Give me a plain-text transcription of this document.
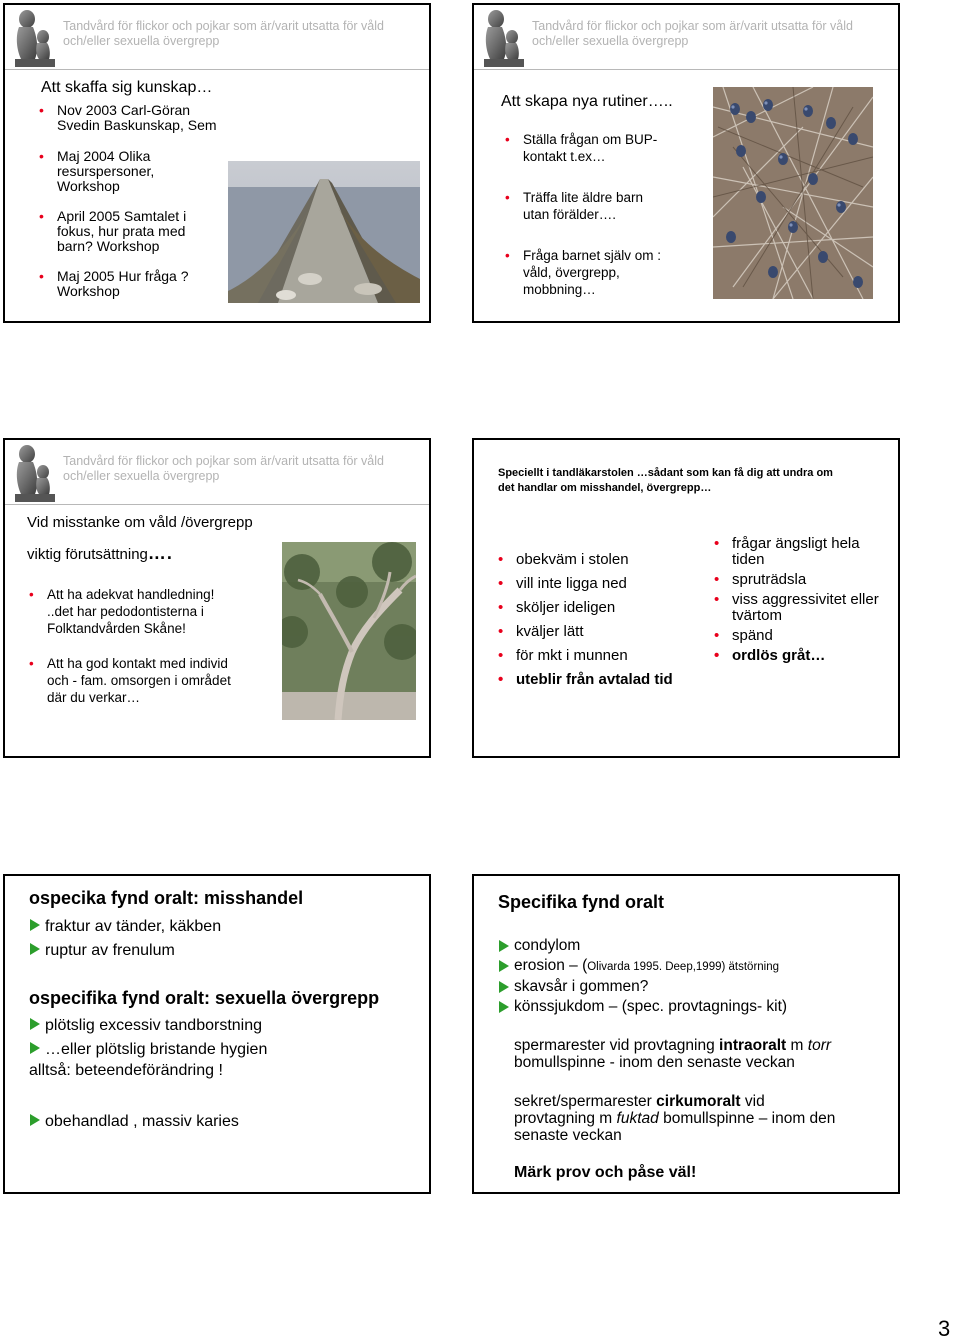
Tandvård för flickor och pojkar som är/varit utsatta för våld
och/eller sexuella övergrepp
Att skaffa sig kunskap…
• Nov 2003 Carl-Göran
Svedin Baskunskap, Sem
• Maj 2004 Olika
resurspersoner,
Workshop
• April 2005 Samtalet i
fokus, hur prata med
barn? Workshop
• Maj 2005 Hur fråga ?
Workshop
Tandvård för flickor och pojkar som är/varit utsatta för våld
och/eller sexuella övergrepp
Att skapa nya rutiner…..
• Ställa frågan om BUP-
kontakt t.ex…
• Träffa lite äldre barn
utan förälder….
• Fråga barnet själv om :
våld, övergrepp,
mobbning…
Tandvård för flickor och pojkar som är/varit utsatta för våld
och/eller sexuella övergrepp
Vid misstanke om våld /övergrepp
viktig förutsättning….
• Att ha adekvat handledning!
..det har pedodontisterna i
Folktandvården Skåne!
• Att ha god kontakt med individ
och - fam. omsorgen i området
där du verkar…
Speciellt i tandläkarstolen …sådant som kan få dig att undra om
det handlar om misshandel, övergrepp…
• obekväm i stolen
• vill inte ligga ned
• sköljer ideligen
• kväljer lätt
• för mkt i munnen
• uteblir från avtalad tid
• frågar ängsligt hela
tiden
• spruträdsla
• viss aggressivitet eller
tvärtom
• spänd
• ordlös gråt…
ospecika fynd oralt: misshandel
fraktur av tänder, käkben
ruptur av frenulum
ospecifika fynd oralt: sexuella övergrepp
plötslig excessiv tandborstning
…eller plötslig bristande hygien
alltså: beteendeförändring !
obehandlad , massiv karies
Specifika fynd oralt
condylom
erosion – (Olivarda 1995. Deep,1999) ätstörning
skavsår i gommen?
könssjukdom – (spec. provtagnings- kit)
spermarester vid provtagning intraoralt m torr
bomullspinne - inom den senaste veckan
sekret/spermarester cirkumoralt vid
provtagning m fuktad bomullspinne – inom den
senaste veckan
Märk prov och påse väl!
3
